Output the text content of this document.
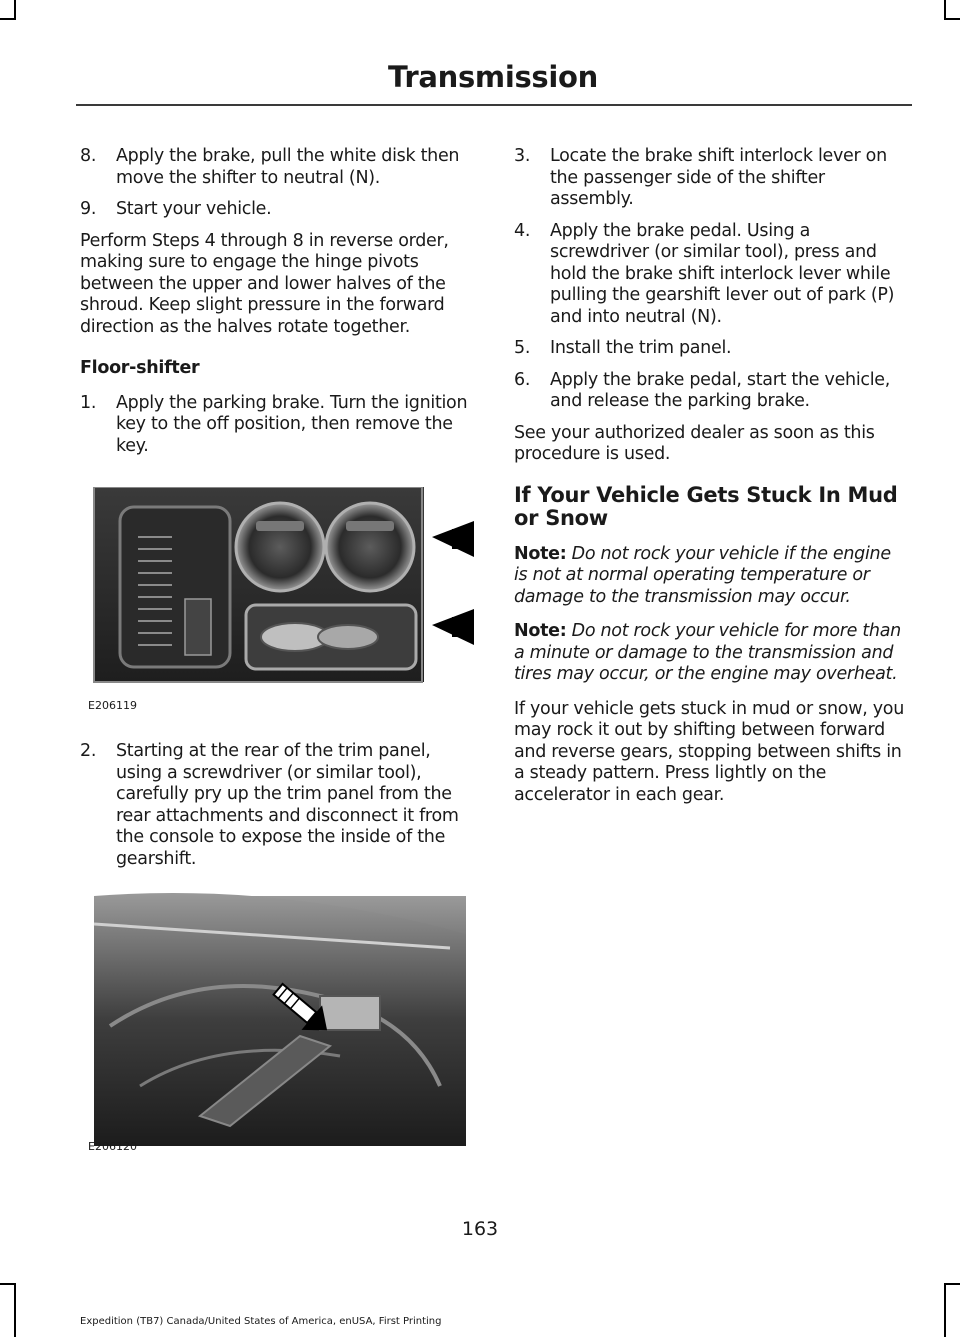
Transmission
8.	Apply the brake, pull the white disk then move the shifter to neutral (N).
9.	Start your vehicle.

Perform Steps 4 through 8 in reverse order, making sure to engage the hinge pivots between the upper and lower halves of the shroud. Keep slight pressure in the forward direction as the halves rotate together.

Floor-shifter
1.	Apply the parking brake. Turn the ignition key to the off position, then remove the key.
E206119
2.	Starting at the rear of the trim panel, using a screwdriver (or similar tool), carefully pry up the trim panel from the rear attachments and disconnect it from the console to expose the inside of the gearshift.
E206120
3.	Locate the brake shift interlock lever on the passenger side of the shifter assembly.
4.	Apply the brake pedal. Using a screwdriver (or similar tool), press and hold the brake shift interlock lever while pulling the gearshift lever out of park (P) and into neutral (N).
5.	Install the trim panel.
6.	Apply the brake pedal, start the vehicle, and release the parking brake.

See your authorized dealer as soon as this procedure is used.

If Your Vehicle Gets Stuck In Mud or Snow

Note: Do not rock your vehicle if the engine is not at normal operating temperature or damage to the transmission may occur.

Note: Do not rock your vehicle for more than a minute or damage to the transmission and tires may occur, or the engine may overheat.

If your vehicle gets stuck in mud or snow, you may rock it out by shifting between forward and reverse gears, stopping between shifts in a steady pattern. Press lightly on the accelerator in each gear.

163
Expedition (TB7) Canada/United States of America, enUSA, First Printing
